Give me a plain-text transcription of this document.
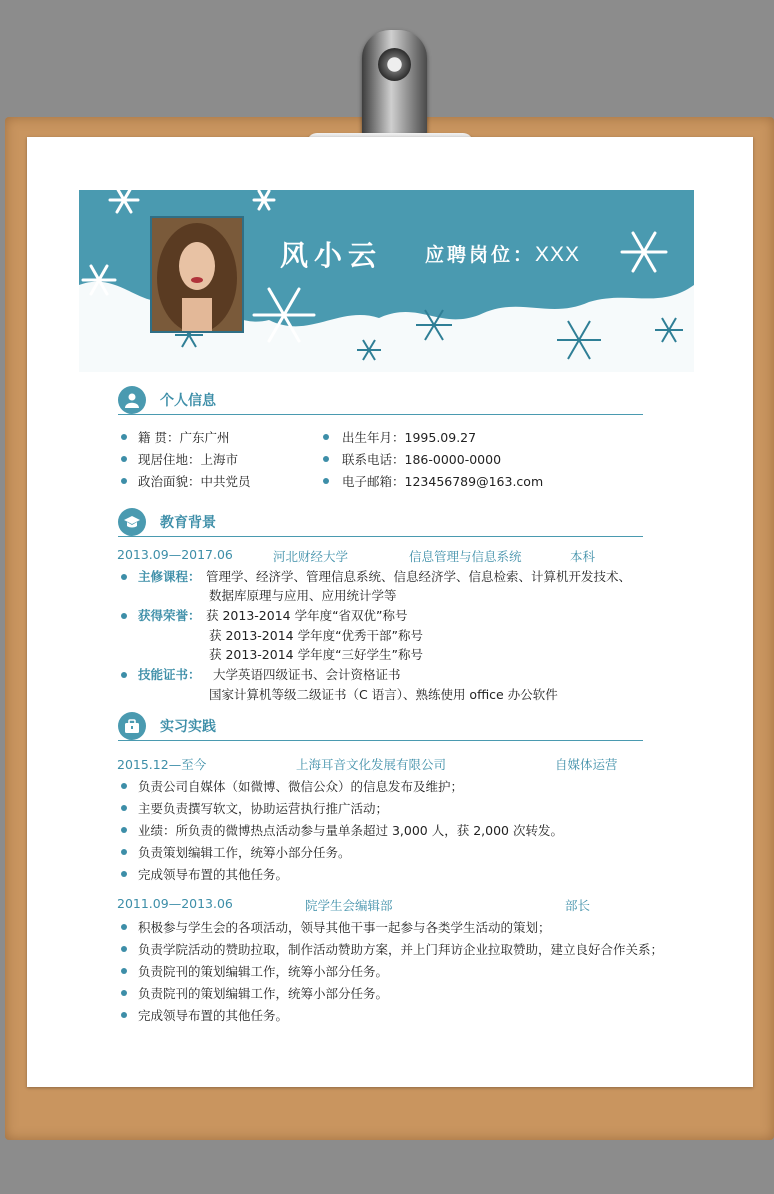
风小云 应聘岗位：XXX
个人信息
籍 贯：广东广州
现居住地：上海市
政治面貌：中共党员
出生年月：1995.09.27
联系电话：186-0000-0000
电子邮箱：123456789@163.com
教育背景
2013.09—2017.06	河北财经大学	信息管理与信息系统	本科
主修课程： 管理学、经济学、管理信息系统、信息经济学、信息检索、计算机开发技术、
数据库原理与应用、应用统计学等
获得荣誉： 获 2013-2014 学年度“省双优”称号
获 2013-2014 学年度“优秀干部”称号
获 2013-2014 学年度“三好学生”称号
技能证书： 大学英语四级证书、会计资格证书
国家计算机等级二级证书（C 语言）、熟练使用 office 办公软件
实习实践
2015.12—至今	上海耳音文化发展有限公司	自媒体运营
负责公司自媒体（如微博、微信公众）的信息发布及维护；
主要负责撰写软文，协助运营执行推广活动；
业绩：所负责的微博热点活动参与量单条超过 3,000 人，获 2,000 次转发。
负责策划编辑工作，统筹小部分任务。
完成领导布置的其他任务。
2011.09—2013.06	院学生会编辑部	部长
积极参与学生会的各项活动，领导其他干事一起参与各类学生活动的策划；
负责学院活动的赞助拉取，制作活动赞助方案，并上门拜访企业拉取赞助，建立良好合作关系；
负责院刊的策划编辑工作，统筹小部分任务。
负责院刊的策划编辑工作，统筹小部分任务。
完成领导布置的其他任务。
